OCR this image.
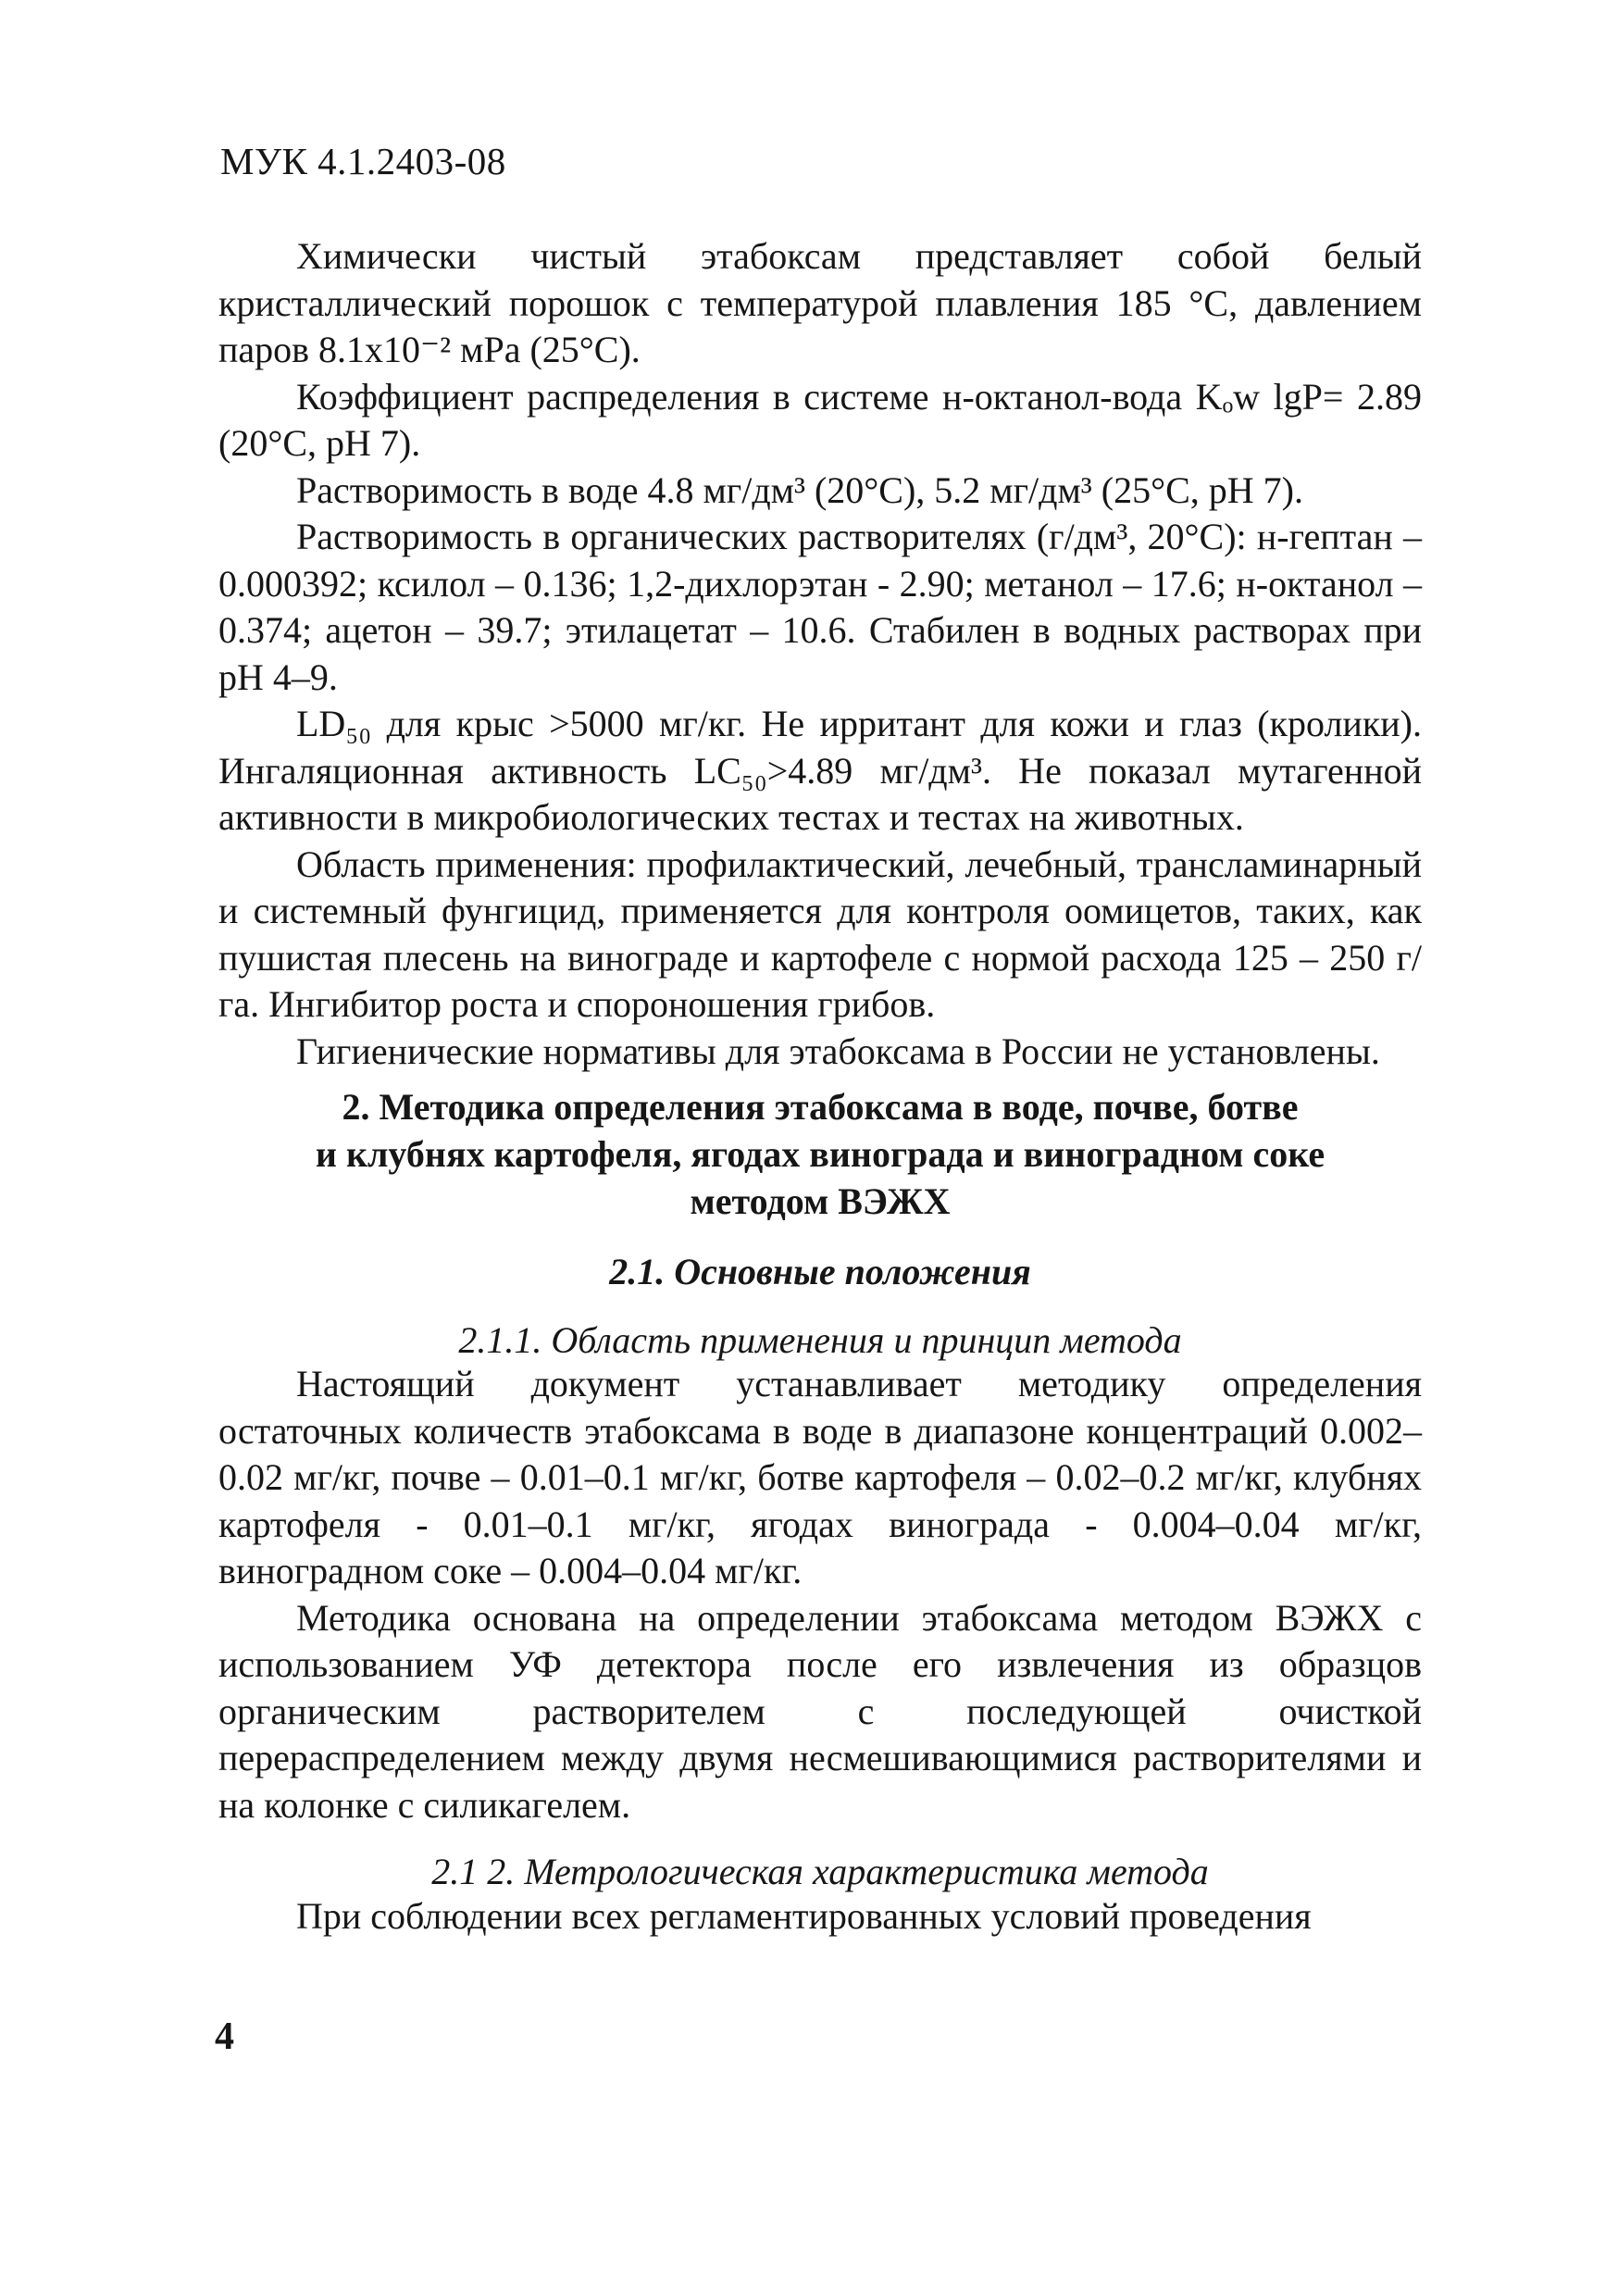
МУК 4.1.2403-08

Химически чистый этабоксам представляет собой белый кристаллический порошок с температурой плавления 185 °С, давлением паров 8.1x10⁻² мРа (25°С).

Коэффициент распределения в системе н-октанол-вода Kₒw lgP= 2.89 (20°С, рН 7).

Растворимость в воде 4.8 мг/дм³ (20°С), 5.2 мг/дм³ (25°С, рН 7).

Растворимость в органических растворителях (г/дм³, 20°С): н-гептан – 0.000392; ксилол – 0.136; 1,2-дихлорэтан - 2.90; метанол – 17.6; н-октанол – 0.374; ацетон – 39.7; этилацетат – 10.6. Стабилен в водных растворах при рН 4–9.

LD₅₀ для крыс >5000 мг/кг. Не ирритант для кожи и глаз (кролики). Ингаляционная активность LC₅₀>4.89 мг/дм³. Не показал мутагенной активности в микробиологических тестах и тестах на животных.

Область применения: профилактический, лечебный, трансламинарный и системный фунгицид, применяется для контроля оомицетов, таких, как пушистая плесень на винограде и картофеле с нормой расхода 125 – 250 г/га. Ингибитор роста и спороношения грибов.

Гигиенические нормативы для этабоксама в России не установлены.

2. Методика определения этабоксама в воде, почве, ботве
и клубнях картофеля, ягодах винограда и виноградном соке
методом ВЭЖХ
2.1. Основные положения
2.1.1. Область применения и принцип метода

Настоящий документ устанавливает методику определения остаточных количеств этабоксама в воде в диапазоне концентраций 0.002–0.02 мг/кг, почве – 0.01–0.1 мг/кг, ботве картофеля – 0.02–0.2 мг/кг, клубнях картофеля - 0.01–0.1 мг/кг, ягодах винограда - 0.004–0.04 мг/кг, виноградном соке – 0.004–0.04 мг/кг.

Методика основана на определении этабоксама методом ВЭЖХ с использованием УФ детектора после его извлечения из образцов органическим растворителем с последующей очисткой перераспределением между двумя несмешивающимися растворителями и на колонке с силикагелем.

2.1 2. Метрологическая характеристика метода

При соблюдении всех регламентированных условий проведения

4
